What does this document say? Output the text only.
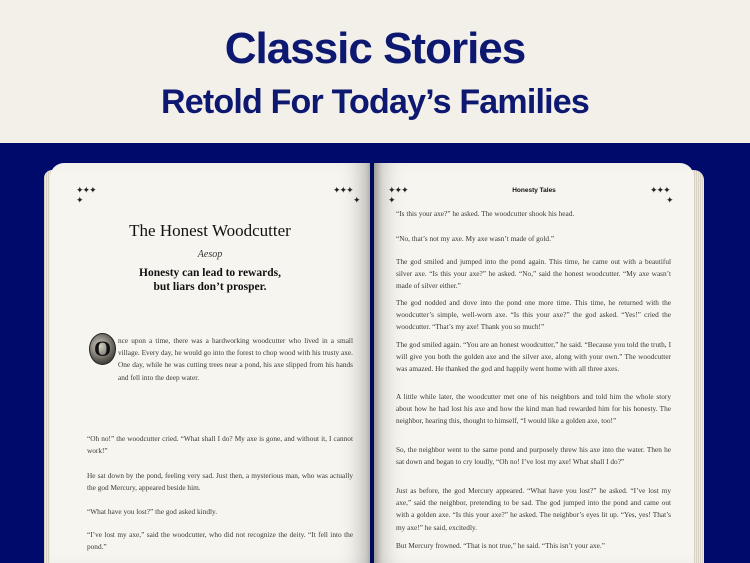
Classic Stories
Retold For Today’s Families
✦✦✦
✦
✦✦✦
✦
The Honest Woodcutter
Aesop
Honesty can lead to rewards,
but liars don’t prosper.
O nce upon a time, there was a hardworking woodcutter who lived in a small village. Every day, he would go into the forest to chop wood with his trusty axe. One day, while he was cutting trees near a pond, his axe slipped from his hands and fell into the deep water.
“Oh no!” the woodcutter cried. “What shall I do? My axe is gone, and without it, I cannot work!”
He sat down by the pond, feeling very sad. Just then, a mysterious man, who was actually the god Mercury, appeared beside him.
“What have you lost?” the god asked kindly.
“I’ve lost my axe,” said the woodcutter, who did not recognize the deity. “It fell into the pond.”
✦✦✦
✦
✦✦✦
✦
Honesty Tales
“Is this your axe?” he asked. The woodcutter shook his head.
“No, that’s not my axe. My axe wasn’t made of gold.”
The god smiled and jumped into the pond again. This time, he came out with a beautiful silver axe. “Is this your axe?” he asked. “No,” said the honest woodcutter. “My axe wasn’t made of silver either.”
The god nodded and dove into the pond one more time. This time, he returned with the woodcutter’s simple, well-worn axe. “Is this your axe?” the god asked. “Yes!” cried the woodcutter. “That’s my axe! Thank you so much!”
The god smiled again. “You are an honest woodcutter,” he said. “Because you told the truth, I will give you both the golden axe and the silver axe, along with your own.” The woodcutter was amazed. He thanked the god and happily went home with all three axes.
A little while later, the woodcutter met one of his neighbors and told him the whole story about how he had lost his axe and how the kind man had rewarded him for his honesty. The neighbor, hearing this, thought to himself, “I would like a golden axe, too!”
So, the neighbor went to the same pond and purposely threw his axe into the water. Then he sat down and began to cry loudly, “Oh no! I’ve lost my axe! What shall I do?”
Just as before, the god Mercury appeared. “What have you lost?” he asked. “I’ve lost my axe,” said the neighbor, pretending to be sad. The god jumped into the pond and came out with a golden axe. “Is this your axe?” he asked. The neighbor’s eyes lit up. “Yes, yes! That’s my axe!” he said, excitedly.
But Mercury frowned. “That is not true,” he said. “This isn’t your axe.”
